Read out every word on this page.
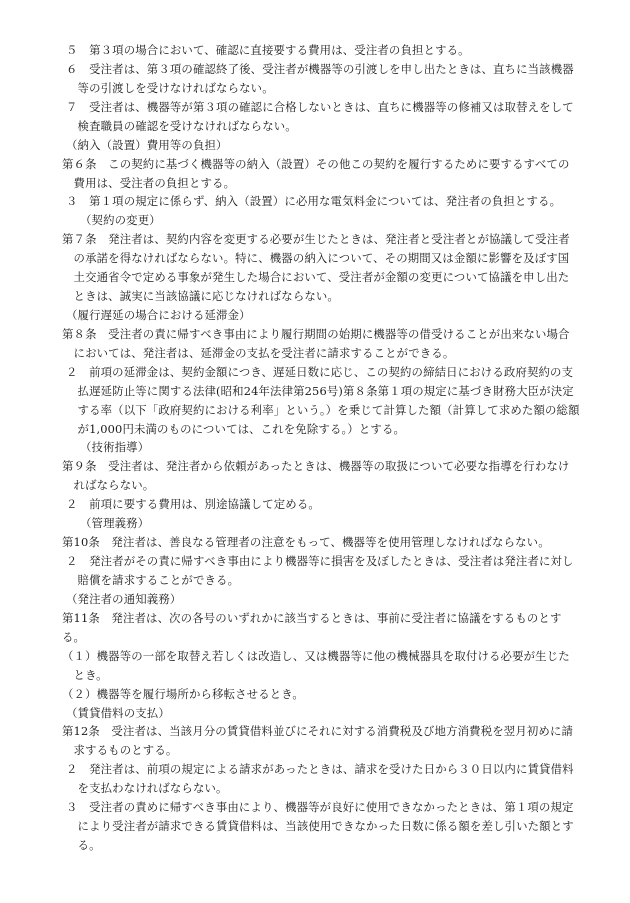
５　第３項の場合において、確認に直接要する費用は、受注者の負担とする。
６　受注者は、第３項の確認終了後、受注者が機器等の引渡しを申し出たときは、直ちに当該機器
　等の引渡しを受けなければならない。
７　受注者は、機器等が第３項の確認に合格しないときは、直ちに機器等の修補又は取替えをして
　検査職員の確認を受けなければならない。
（納入（設置）費用等の負担）
第６条　この契約に基づく機器等の納入（設置）その他この契約を履行するために要するすべての
　費用は、受注者の負担とする。
３　第１項の規定に係らず、納入（設置）に必用な電気料金については、発注者の負担とする。
（契約の変更）
第７条　発注者は、契約内容を変更する必要が生じたときは、発注者と受注者とが協議して受注者
　の承諾を得なければならない。特に、機器の納入について、その期間又は金額に影響を及ぼす国
　土交通省令で定める事象が発生した場合において、受注者が金額の変更について協議を申し出た
　ときは、誠実に当該協議に応じなければならない。
（履行遅延の場合における延滞金）
第８条　受注者の責に帰すべき事由により履行期間の始期に機器等の借受けることが出来ない場合
　においては、発注者は、延滞金の支払を受注者に請求することができる。
２　前項の延滞金は、契約金額につき、遅延日数に応じ、この契約の締結日における政府契約の支
　払遅延防止等に関する法律(昭和24年法律第256号)第８条第１項の規定に基づき財務大臣が決定
　する率（以下「政府契約における利率」という。）を乗じて計算した額（計算して求めた額の総額
　が1,000円未満のものについては、これを免除する。）とする。
（技術指導）
第９条　受注者は、発注者から依頼があったときは、機器等の取扱について必要な指導を行わなけ
　ればならない。
２　前項に要する費用は、別途協議して定める。
（管理義務）
第10条　発注者は、善良なる管理者の注意をもって、機器等を使用管理しなければならない。
２　発注者がその責に帰すべき事由により機器等に損害を及ぼしたときは、受注者は発注者に対し
　賠償を請求することができる。
（発注者の通知義務）
第11条　発注者は、次の各号のいずれかに該当するときは、事前に受注者に協議をするものとす
る。
（１）機器等の一部を取替え若しくは改造し、又は機器等に他の機械器具を取付ける必要が生じた
　とき。
（２）機器等を履行場所から移転させるとき。
（賃貸借料の支払）
第12条　受注者は、当該月分の賃貸借料並びにそれに対する消費税及び地方消費税を翌月初めに請
　求するものとする。
２　発注者は、前項の規定による請求があったときは、請求を受けた日から３０日以内に賃貸借料
　を支払わなければならない。
３　受注者の責めに帰すべき事由により、機器等が良好に使用できなかったときは、第１項の規定
　により受注者が請求できる賃貸借料は、当該使用できなかった日数に係る額を差し引いた額とす
　る。
